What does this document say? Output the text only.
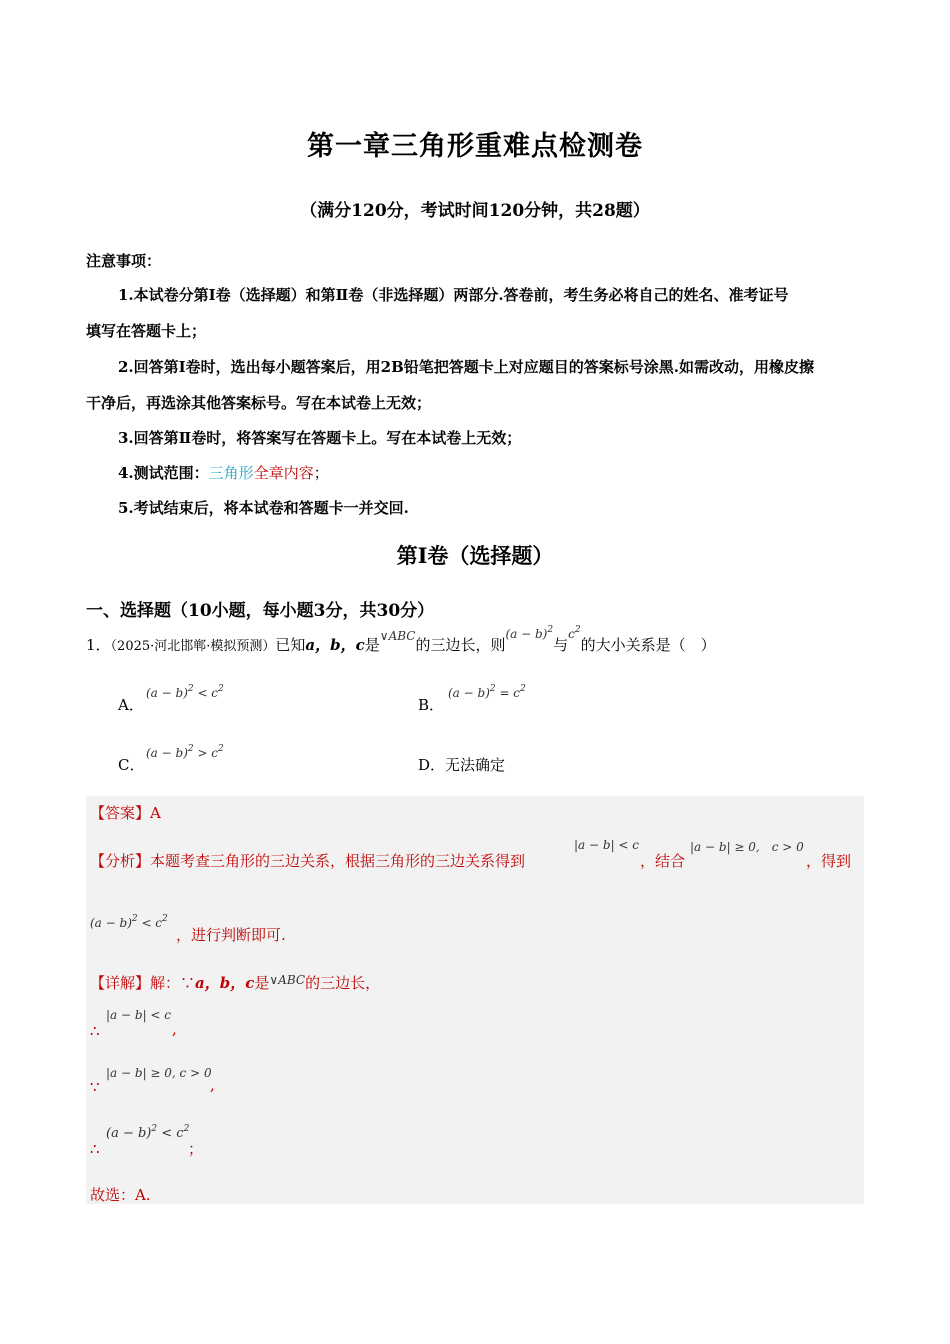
第一章三角形重难点检测卷
（满分120分，考试时间120分钟，共28题）
注意事项：
1.本试卷分第Ⅰ卷（选择题）和第Ⅱ卷（非选择题）两部分.答卷前，考生务必将自己的姓名、准考证号
填写在答题卡上；
2.回答第Ⅰ卷时，选出每小题答案后，用2B铅笔把答题卡上对应题目的答案标号涂黑.如需改动，用橡皮擦
干净后，再选涂其他答案标号。写在本试卷上无效；
3.回答第Ⅱ卷时，将答案写在答题卡上。写在本试卷上无效；
4.测试范围：三角形全章内容；
5.考试结束后，将本试卷和答题卡一并交回.
第I卷（选择题）
一、选择题（10小题，每小题3分，共30分）
1．（2025·河北邯郸·模拟预测）已知a，b，c是$^{\vee ABC}$的三边长，则$^{(a - b)^2}$与$^{c^2}$的大小关系是（　）
A．
$(a - b)^2 < c^2$
B．
$(a - b)^2 = c^2$
C．
$(a - b)^2 > c^2$
D．无法确定
【答案】A
【分析】本题考查三角形的三边关系，根据三角形的三边关系得到
|a − b| < c
，结合
|a − b| ≥ 0,　c > 0
，得到
$(a - b)^2 < c^2$
，进行判断即可.
【详解】解：∵a，b，c是$^{\vee ABC}$的三边长，
∴
|a − b| < c
,
∵
|a − b| ≥ 0, c > 0
,
∴
$(a - b)^2 < c^2$
；
故选：A.
